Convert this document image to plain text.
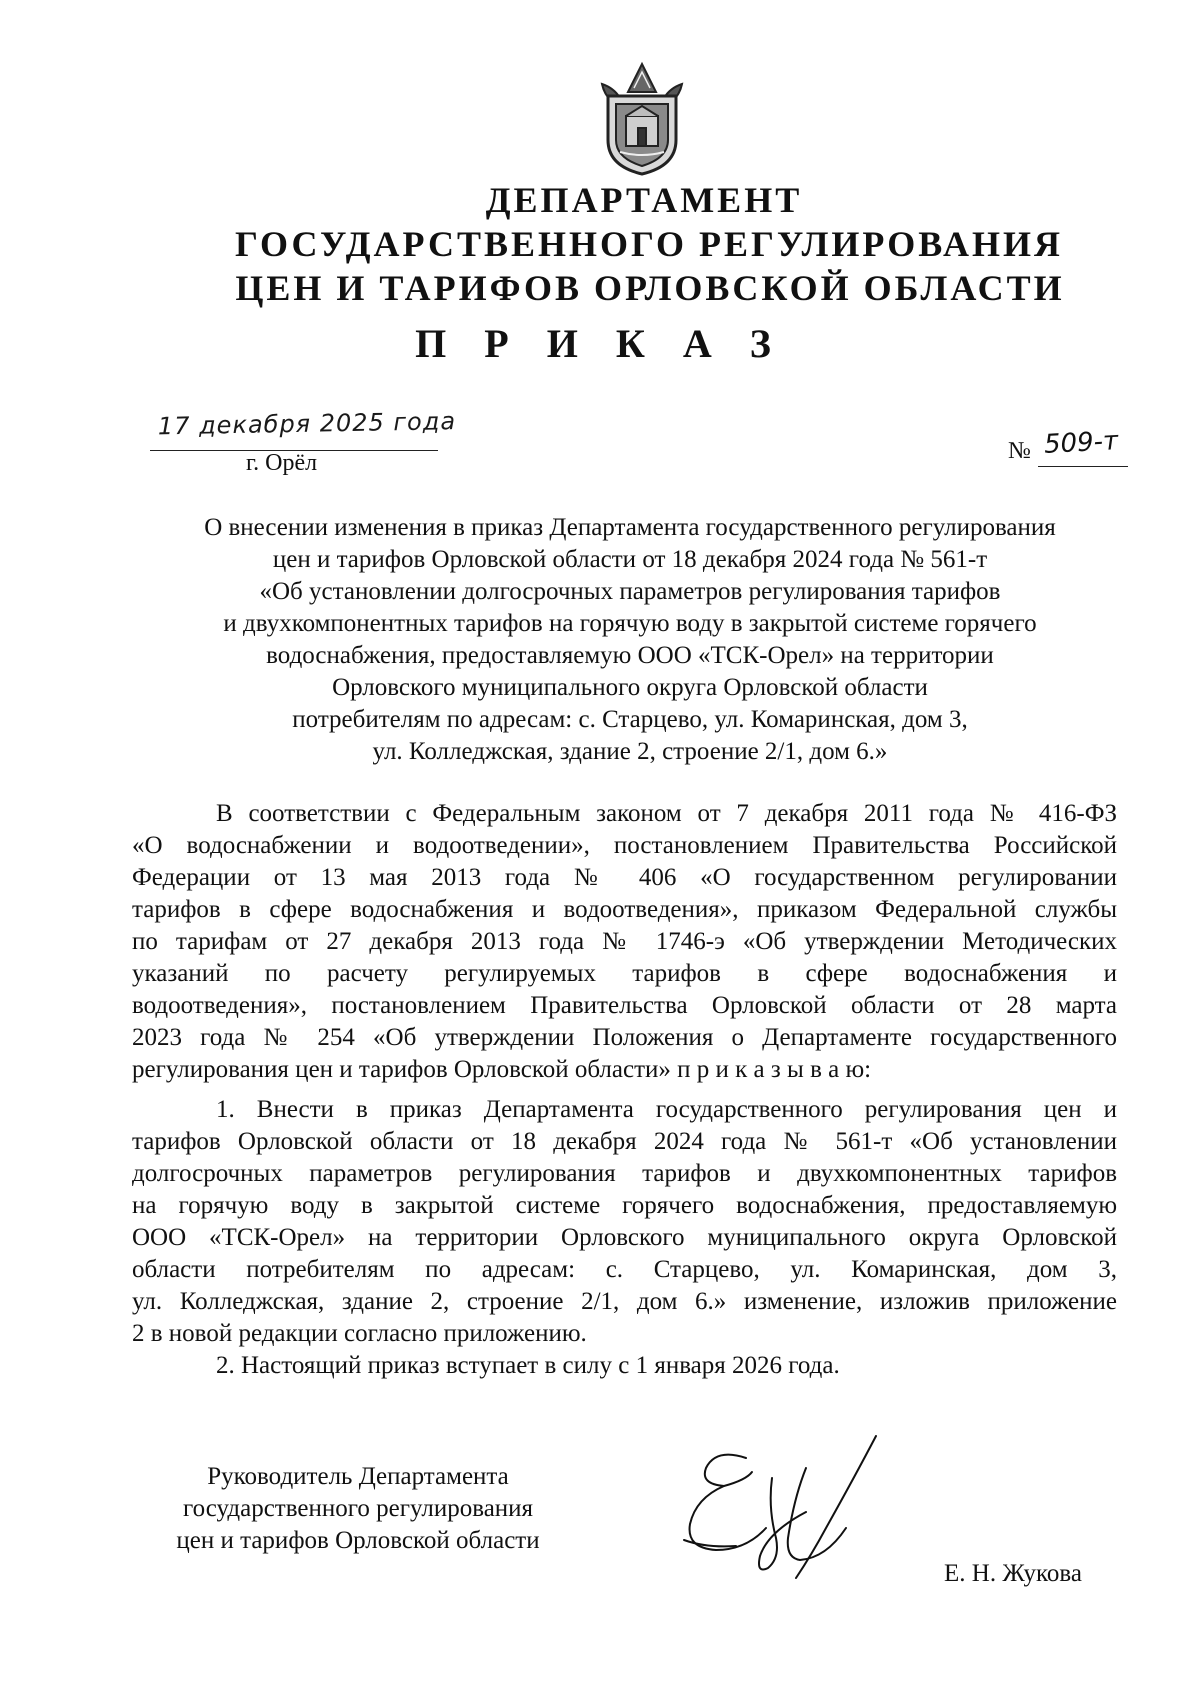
ДЕПАРТАМЕНТ
ГОСУДАРСТВЕННОГО РЕГУЛИРОВАНИЯ
ЦЕН И ТАРИФОВ ОРЛОВСКОЙ ОБЛАСТИ
П Р И К А З
17 декабря 2025 года
г. Орёл	№ 509-т
О внесении изменения в приказ Департамента государственного регулирования
цен и тарифов Орловской области от 18 декабря 2024 года № 561-т
«Об установлении долгосрочных параметров регулирования тарифов
и двухкомпонентных тарифов на горячую воду в закрытой системе горячего
водоснабжения, предоставляемую ООО «ТСК-Орел» на территории
Орловского муниципального округа Орловской области
потребителям по адресам: с. Старцево, ул. Комаринская, дом 3,
ул. Колледжская, здание 2, строение 2/1, дом 6.»
В соответствии с Федеральным законом от 7 декабря 2011 года № 416-ФЗ
«О водоснабжении и водоотведении», постановлением Правительства Российской
Федерации от 13 мая 2013 года № 406 «О государственном регулировании
тарифов в сфере водоснабжения и водоотведения», приказом Федеральной службы
по тарифам от 27 декабря 2013 года № 1746-э «Об утверждении Методических
указаний по расчету регулируемых тарифов в сфере водоснабжения и
водоотведения», постановлением Правительства Орловской области от 28 марта
2023 года № 254 «Об утверждении Положения о Департаменте государственного
регулирования цен и тарифов Орловской области» п р и к а з ы в а ю:
1. Внести в приказ Департамента государственного регулирования цен и
тарифов Орловской области от 18 декабря 2024 года № 561-т «Об установлении
долгосрочных параметров регулирования тарифов и двухкомпонентных тарифов
на горячую воду в закрытой системе горячего водоснабжения, предоставляемую
ООО «ТСК-Орел» на территории Орловского муниципального округа Орловской
области потребителям по адресам: с. Старцево, ул. Комаринская, дом 3,
ул. Колледжская, здание 2, строение 2/1, дом 6.» изменение, изложив приложение
2 в новой редакции согласно приложению.
2. Настоящий приказ вступает в силу с 1 января 2026 года.
Руководитель Департамента
государственного регулирования
цен и тарифов Орловской области
Е. Н. Жукова
